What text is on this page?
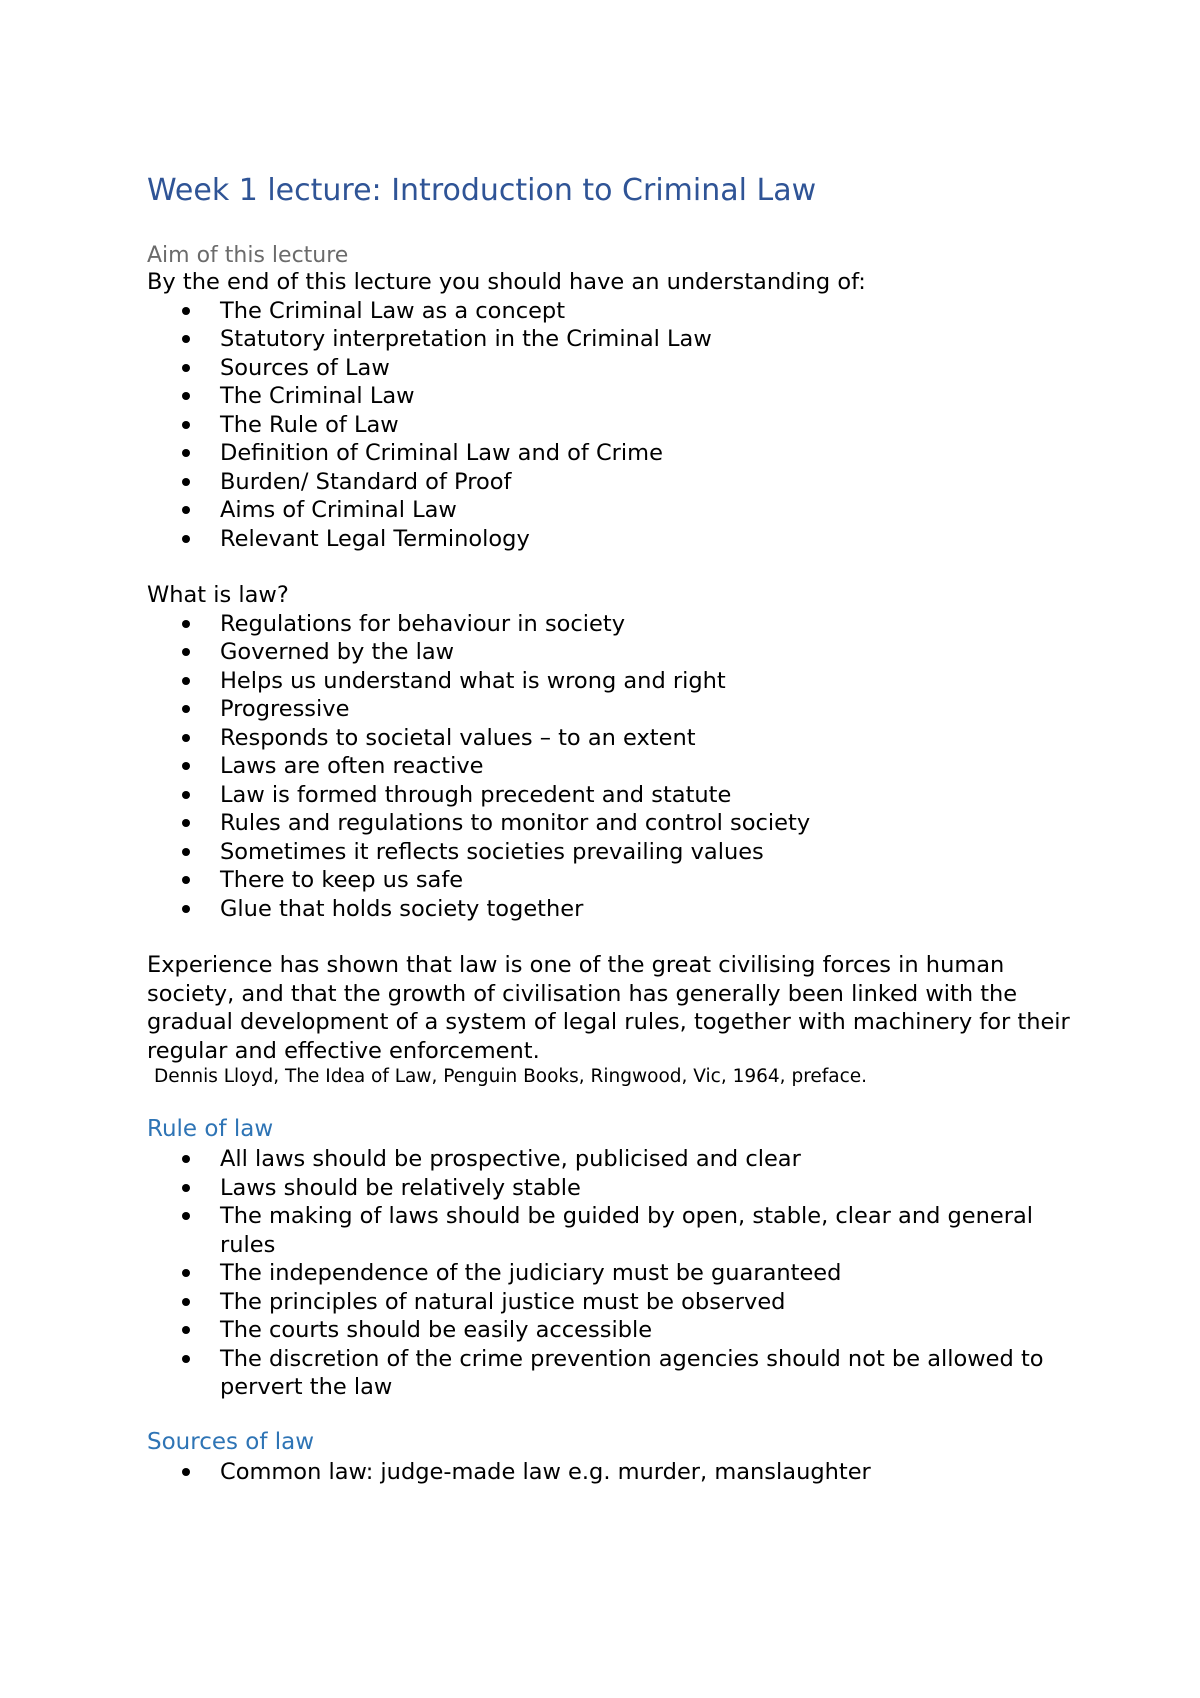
Week 1 lecture: Introduction to Criminal Law
Aim of this lecture

By the end of this lecture you should have an understanding of:

The Criminal Law as a concept
Statutory interpretation in the Criminal Law
Sources of Law
The Criminal Law
The Rule of Law
Definition of Criminal Law and of Crime
Burden/ Standard of Proof
Aims of Criminal Law
Relevant Legal Terminology

What is law?

Regulations for behaviour in society
Governed by the law
Helps us understand what is wrong and right
Progressive
Responds to societal values – to an extent
Laws are often reactive
Law is formed through precedent and statute
Rules and regulations to monitor and control society
Sometimes it reflects societies prevailing values
There to keep us safe
Glue that holds society together

Experience has shown that law is one of the great civilising forces in human society, and that the growth of civilisation has generally been linked with the gradual development of a system of legal rules, together with machinery for their regular and effective enforcement.

Dennis Lloyd, The Idea of Law, Penguin Books, Ringwood, Vic, 1964, preface.

Rule of law
All laws should be prospective, publicised and clear
Laws should be relatively stable
The making of laws should be guided by open, stable, clear and general rules
The independence of the judiciary must be guaranteed
The principles of natural justice must be observed
The courts should be easily accessible
The discretion of the crime prevention agencies should not be allowed to pervert the law
Sources of law
Common law: judge-made law e.g. murder, manslaughter
